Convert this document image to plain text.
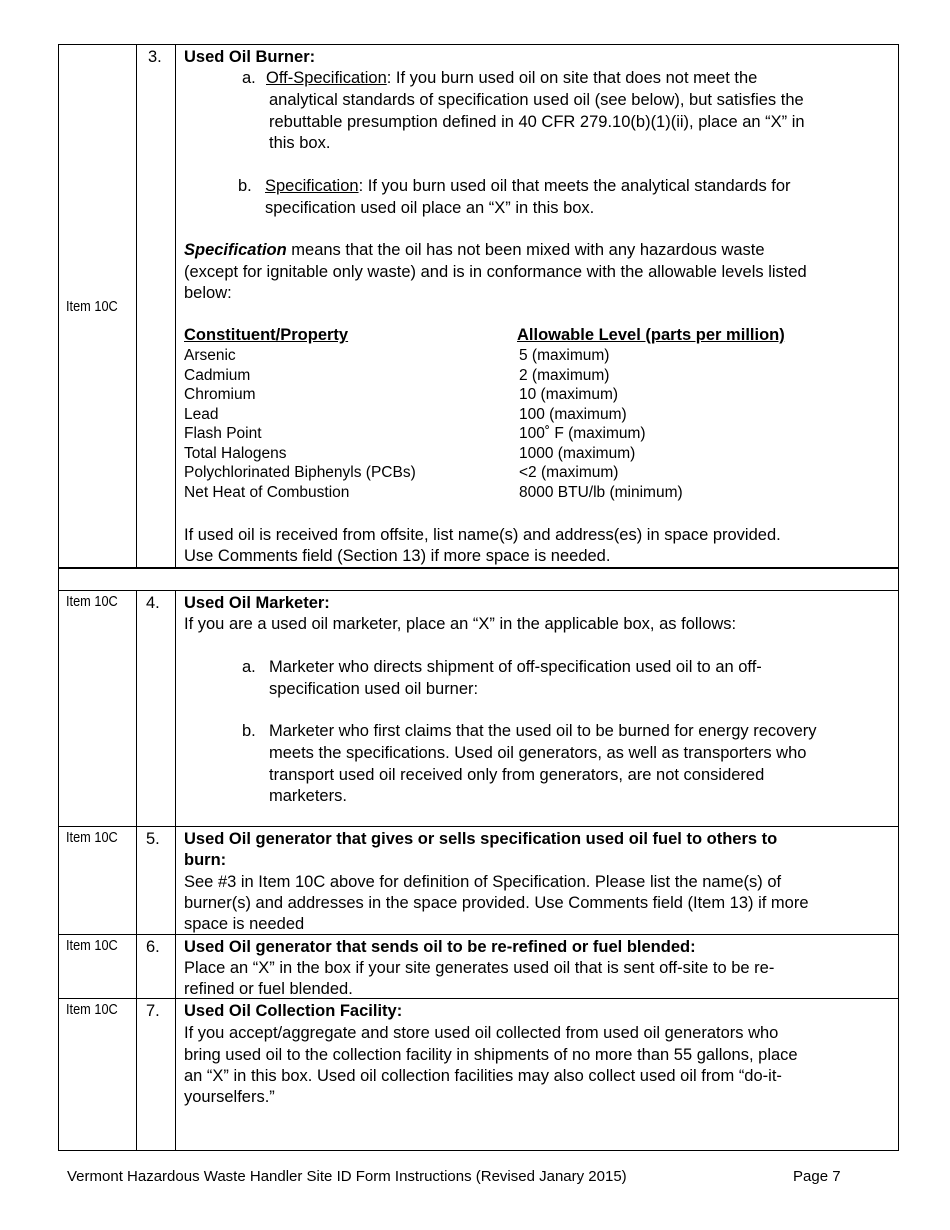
Item 10C
3. Used Oil Burner:
a. Off-Specification: If you burn used oil on site that does not meet the
analytical standards of specification used oil (see below), but satisfies the
rebuttable presumption defined in 40 CFR 279.10(b)(1)(ii), place an “X” in
this box.
b. Specification: If you burn used oil that meets the analytical standards for
specification used oil place an “X” in this box.
Specification means that the oil has not been mixed with any hazardous waste
(except for ignitable only waste) and is in conformance with the allowable levels listed
below:
Constituent/Property	Allowable Level (parts per million)
Arsenic	5 (maximum)
Cadmium	2 (maximum)
Chromium	10 (maximum)
Lead	100 (maximum)
Flash Point	100˚ F (maximum)
Total Halogens	1000 (maximum)
Polychlorinated Biphenyls (PCBs)	<2 (maximum)
Net Heat of Combustion	8000 BTU/lb (minimum)
If used oil is received from offsite, list name(s) and address(es) in space provided.
Use Comments field (Section 13) if more space is needed.
Item 10C 4. Used Oil Marketer:
If you are a used oil marketer, place an “X” in the applicable box, as follows:
a. Marketer who directs shipment of off-specification used oil to an off-
specification used oil burner:
b. Marketer who first claims that the used oil to be burned for energy recovery
meets the specifications. Used oil generators, as well as transporters who
transport used oil received only from generators, are not considered
marketers.
Item 10C 5. Used Oil generator that gives or sells specification used oil fuel to others to
burn:
See #3 in Item 10C above for definition of Specification. Please list the name(s) of
burner(s) and addresses in the space provided. Use Comments field (Item 13) if more
space is needed
Item 10C 6. Used Oil generator that sends oil to be re-refined or fuel blended:
Place an “X” in the box if your site generates used oil that is sent off-site to be re-
refined or fuel blended.
Item 10C 7. Used Oil Collection Facility:
If you accept/aggregate and store used oil collected from used oil generators who
bring used oil to the collection facility in shipments of no more than 55 gallons, place
an “X” in this box. Used oil collection facilities may also collect used oil from “do-it-
yourselfers.”
Vermont Hazardous Waste Handler Site ID Form Instructions (Revised Janary 2015)	Page 7
